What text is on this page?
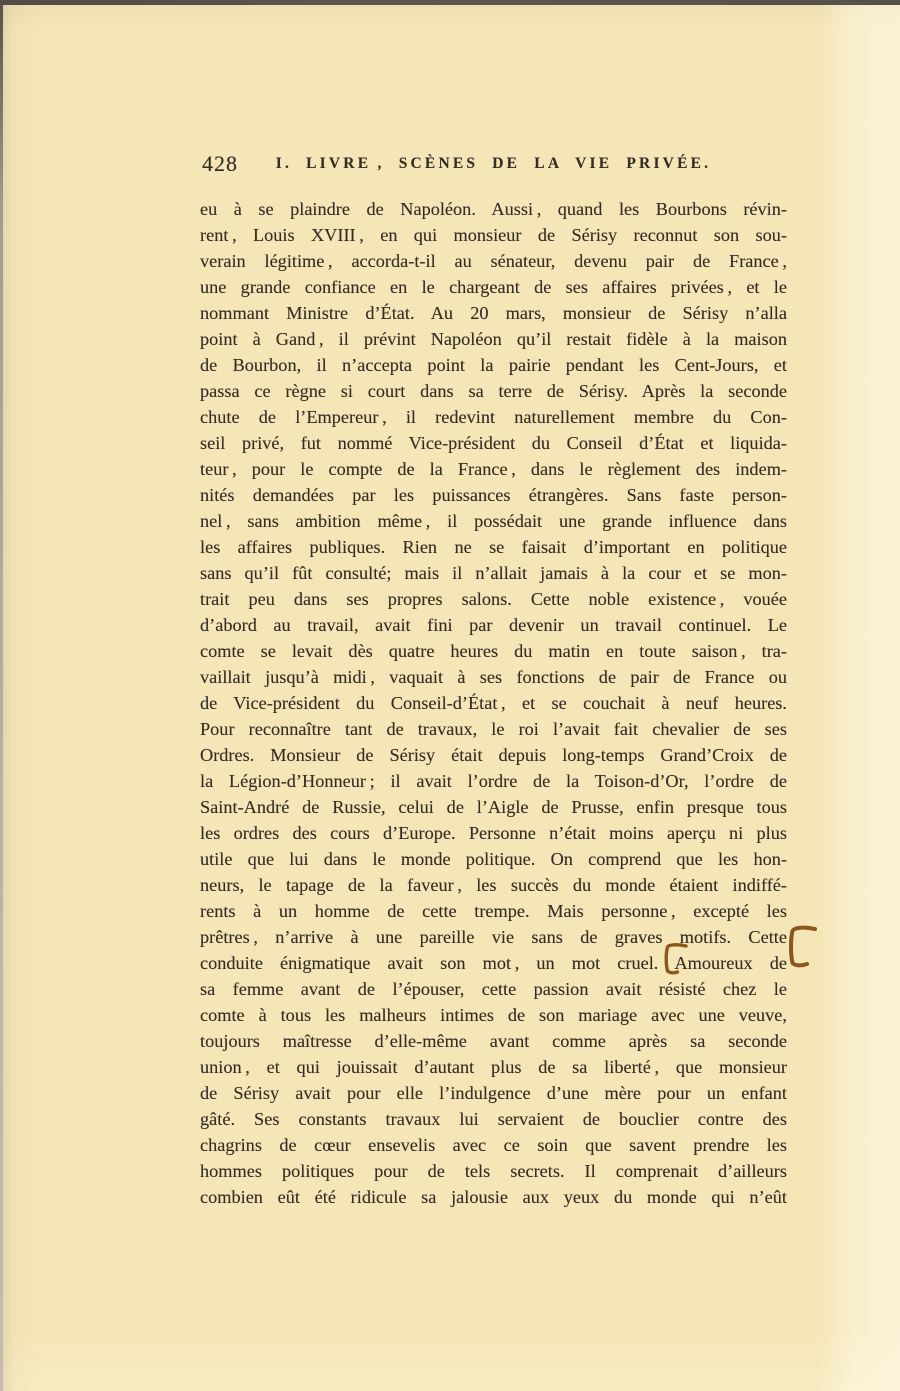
428	I. LIVRE , SCÈNES DE LA VIE PRIVÉE.
eu à se plaindre de Napoléon. Aussi , quand les Bourbons révin-
rent , Louis XVIII , en qui monsieur de Sérisy reconnut son sou-
verain légitime , accorda-t-il au sénateur, devenu pair de France ,
une grande confiance en le chargeant de ses affaires privées , et le
nommant Ministre d’État. Au 20 mars, monsieur de Sérisy n’alla
point à Gand , il prévint Napoléon qu’il restait fidèle à la maison
de Bourbon, il n’accepta point la pairie pendant les Cent-Jours, et
passa ce règne si court dans sa terre de Sérisy. Après la seconde
chute de l’Empereur , il redevint naturellement membre du Con-
seil privé, fut nommé Vice-président du Conseil d’État et liquida-
teur , pour le compte de la France , dans le règlement des indem-
nités demandées par les puissances étrangères. Sans faste person-
nel , sans ambition même , il possédait une grande influence dans
les affaires publiques. Rien ne se faisait d’important en politique
sans qu’il fût consulté; mais il n’allait jamais à la cour et se mon-
trait peu dans ses propres salons. Cette noble existence , vouée
d’abord au travail, avait fini par devenir un travail continuel. Le
comte se levait dès quatre heures du matin en toute saison , tra-
vaillait jusqu’à midi , vaquait à ses fonctions de pair de France ou
de Vice-président du Conseil-d’État , et se couchait à neuf heures.
Pour reconnaître tant de travaux, le roi l’avait fait chevalier de ses
Ordres. Monsieur de Sérisy était depuis long-temps Grand’Croix de
la Légion-d’Honneur ; il avait l’ordre de la Toison-d’Or, l’ordre de
Saint-André de Russie, celui de l’Aigle de Prusse, enfin presque tous
les ordres des cours d’Europe. Personne n’était moins aperçu ni plus
utile que lui dans le monde politique. On comprend que les hon-
neurs, le tapage de la faveur , les succès du monde étaient indiffé-
rents à un homme de cette trempe. Mais personne , excepté les
prêtres , n’arrive à une pareille vie sans de graves motifs. Cette
conduite énigmatique avait son mot , un mot cruel. Amoureux de
sa femme avant de l’épouser, cette passion avait résisté chez le
comte à tous les malheurs intimes de son mariage avec une veuve,
toujours maîtresse d’elle-même avant comme après sa seconde
union , et qui jouissait d’autant plus de sa liberté , que monsieur
de Sérisy avait pour elle l’indulgence d’une mère pour un enfant
gâté. Ses constants travaux lui servaient de bouclier contre des
chagrins de cœur ensevelis avec ce soin que savent prendre les
hommes politiques pour de tels secrets. Il comprenait d’ailleurs
combien eût été ridicule sa jalousie aux yeux du monde qui n’eût
